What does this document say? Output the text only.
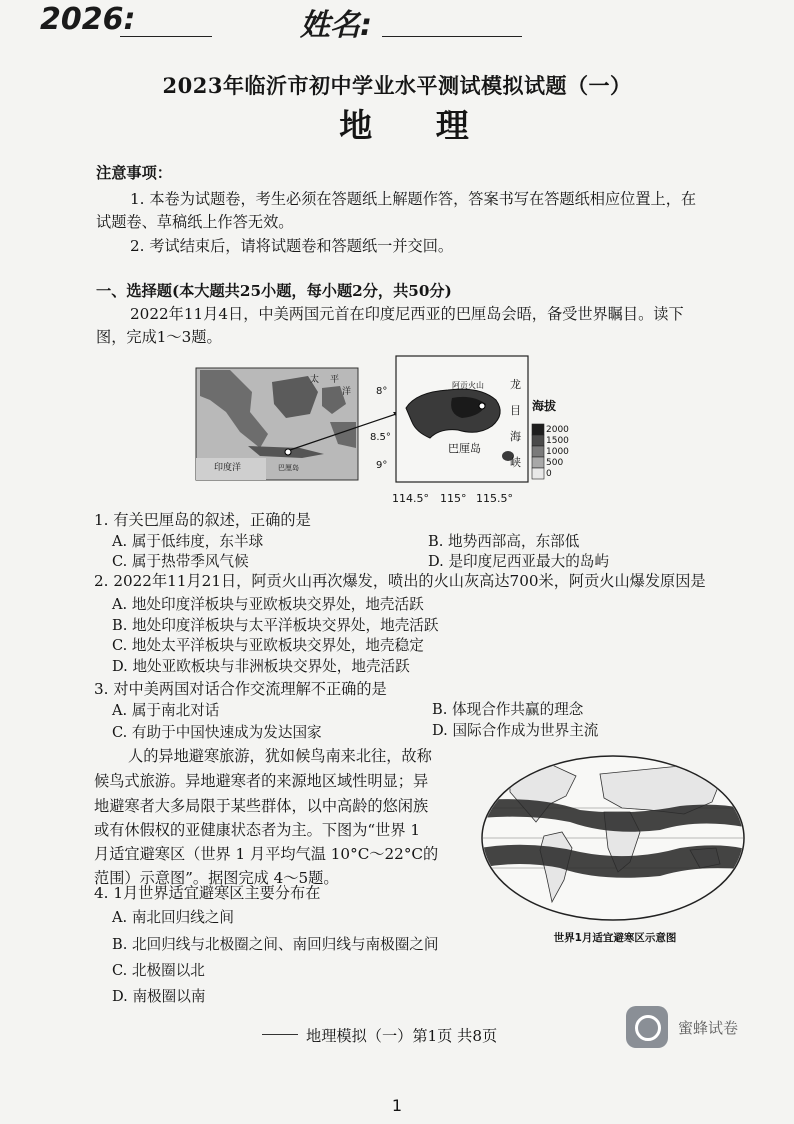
2026:	姓名:
2023年临沂市初中学业水平测试模拟试题（一）
地 理
注意事项：
1. 本卷为试题卷，考生必须在答题纸上解题作答，答案书写在答题纸相应位置上，在
试题卷、草稿纸上作答无效。
2. 考试结束后，请将试题卷和答题纸一并交回。
一、选择题(本大题共25小题，每小题2分，共50分)
2022年11月4日，中美两国元首在印度尼西亚的巴厘岛会晤，备受世界瞩目。读下
图，完成1～3题。
太 平
洋
印度洋	巴厘岛
阿贡火山 龙
目
海
峡
巴厘岛
8°
8.5°
9°
114.5° 115° 115.5°
海拔
2000
1500
1000
500
0
1. 有关巴厘岛的叙述，正确的是
A. 属于低纬度，东半球	B. 地势西部高，东部低
C. 属于热带季风气候	D. 是印度尼西亚最大的岛屿
2. 2022年11月21日，阿贡火山再次爆发，喷出的火山灰高达700米，阿贡火山爆发原因是
A. 地处印度洋板块与亚欧板块交界处，地壳活跃
B. 地处印度洋板块与太平洋板块交界处，地壳活跃
C. 地处太平洋板块与亚欧板块交界处，地壳稳定
D. 地处亚欧板块与非洲板块交界处，地壳活跃
3. 对中美两国对话合作交流理解不正确的是
A. 属于南北对话	B. 体现合作共赢的理念
C. 有助于中国快速成为发达国家	D. 国际合作成为世界主流
人的异地避寒旅游，犹如候鸟南来北往，故称
候鸟式旅游。异地避寒者的来源地区域性明显；异
地避寒者大多局限于某些群体，以中高龄的悠闲族
或有休假权的亚健康状态者为主。下图为“世界 1
月适宜避寒区（世界 1 月平均气温 10°C～22°C的
范围）示意图”。据图完成 4～5题。
世界1月适宜避寒区示意图
4. 1月世界适宜避寒区主要分布在
A. 南北回归线之间
B. 北回归线与北极圈之间、南回归线与南极圈之间
C. 北极圈以北
D. 南极圈以南
地理模拟（一）第1页 共8页	蜜蜂试卷
1
